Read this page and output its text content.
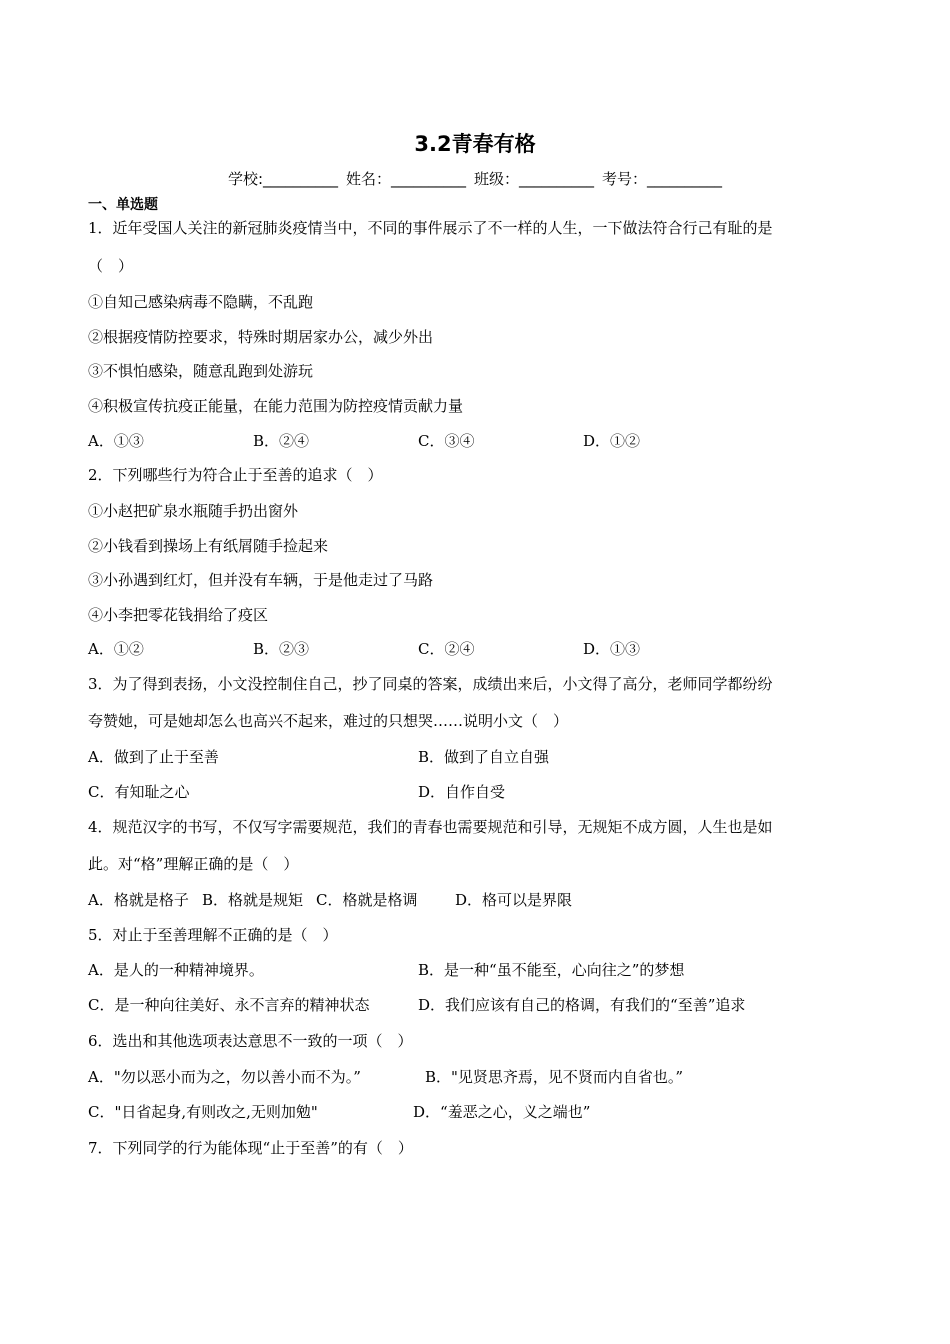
3.2青春有格
学校:__________ 姓名：__________ 班级：__________ 考号：__________
一、单选题
1．近年受国人关注的新冠肺炎疫情当中，不同的事件展示了不一样的人生，一下做法符合行己有耻的是
（　）
①自知己感染病毒不隐瞒，不乱跑
②根据疫情防控要求，特殊时期居家办公，减少外出
③不惧怕感染，随意乱跑到处游玩
④积极宣传抗疫正能量，在能力范围为防控疫情贡献力量
A．①③	B．②④	C．③④	D．①②
2．下列哪些行为符合止于至善的追求（　）
①小赵把矿泉水瓶随手扔出窗外
②小钱看到操场上有纸屑随手捡起来
③小孙遇到红灯，但并没有车辆，于是他走过了马路
④小李把零花钱捐给了疫区
A．①②	B．②③	C．②④	D．①③
3．为了得到表扬，小文没控制住自己，抄了同桌的答案，成绩出来后，小文得了高分，老师同学都纷纷
夸赞她，可是她却怎么也高兴不起来，难过的只想哭……说明小文（　）
A．做到了止于至善	B．做到了自立自强
C．有知耻之心	D．自作自受
4．规范汉字的书写，不仅写字需要规范，我们的青春也需要规范和引导，无规矩不成方圆，人生也是如
此。对“格”理解正确的是（　）
A．格就是格子 B．格就是规矩 C．格就是格调	D．格可以是界限
5．对止于至善理解不正确的是（　）
A．是人的一种精神境界。	B．是一种“虽不能至，心向往之”的梦想
C．是一种向往美好、永不言弃的精神状态	D．我们应该有自己的格调，有我们的“至善”追求
6．选出和其他选项表达意思不一致的一项（　）
A．"勿以恶小而为之，勿以善小而不为。”	B．"见贤思齐焉，见不贤而内自省也。”
C．"日省起身,有则改之,无则加勉"	D．“羞恶之心，义之端也”
7．下列同学的行为能体现“止于至善”的有（　）
